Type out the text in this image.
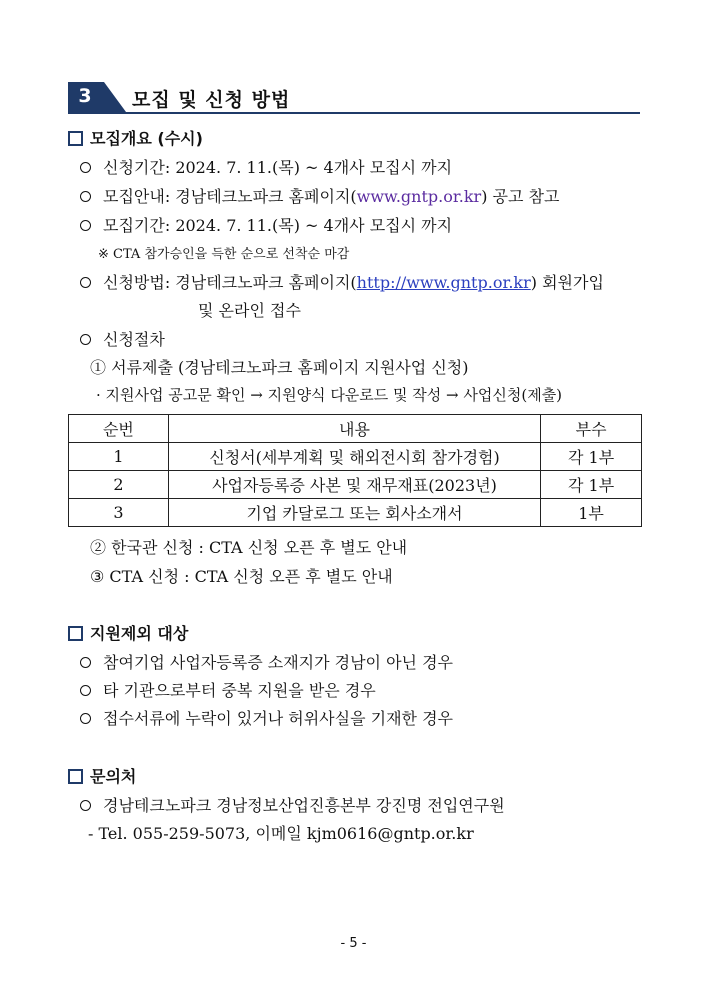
3	모집 및 신청 방법
모집개요 (수시)
신청기간: 2024. 7. 11.(목) ~ 4개사 모집시 까지
모집안내: 경남테크노파크 홈페이지(www.gntp.or.kr) 공고 참고
모집기간: 2024. 7. 11.(목) ~ 4개사 모집시 까지
※ CTA 참가승인을 득한 순으로 선착순 마감
신청방법: 경남테크노파크 홈페이지(http://www.gntp.or.kr) 회원가입
및 온라인 접수
신청절차
① 서류제출 (경남테크노파크 홈페이지 지원사업 신청)
· 지원사업 공고문 확인 → 지원양식 다운로드 및 작성 → 사업신청(제출)
순번	내용	부수
1	신청서(세부계획 및 해외전시회 참가경험)	각 1부
2	사업자등록증 사본 및 재무재표(2023년)	각 1부
3	기업 카달로그 또는 회사소개서	1부
② 한국관 신청 : CTA 신청 오픈 후 별도 안내
③ CTA 신청 : CTA 신청 오픈 후 별도 안내
지원제외 대상
참여기업 사업자등록증 소재지가 경남이 아닌 경우
타 기관으로부터 중복 지원을 받은 경우
접수서류에 누락이 있거나 허위사실을 기재한 경우
문의처
경남테크노파크 경남정보산업진흥본부 강진명 전입연구원
- Tel. 055-259-5073, 이메일 kjm0616@gntp.or.kr
- 5 -
